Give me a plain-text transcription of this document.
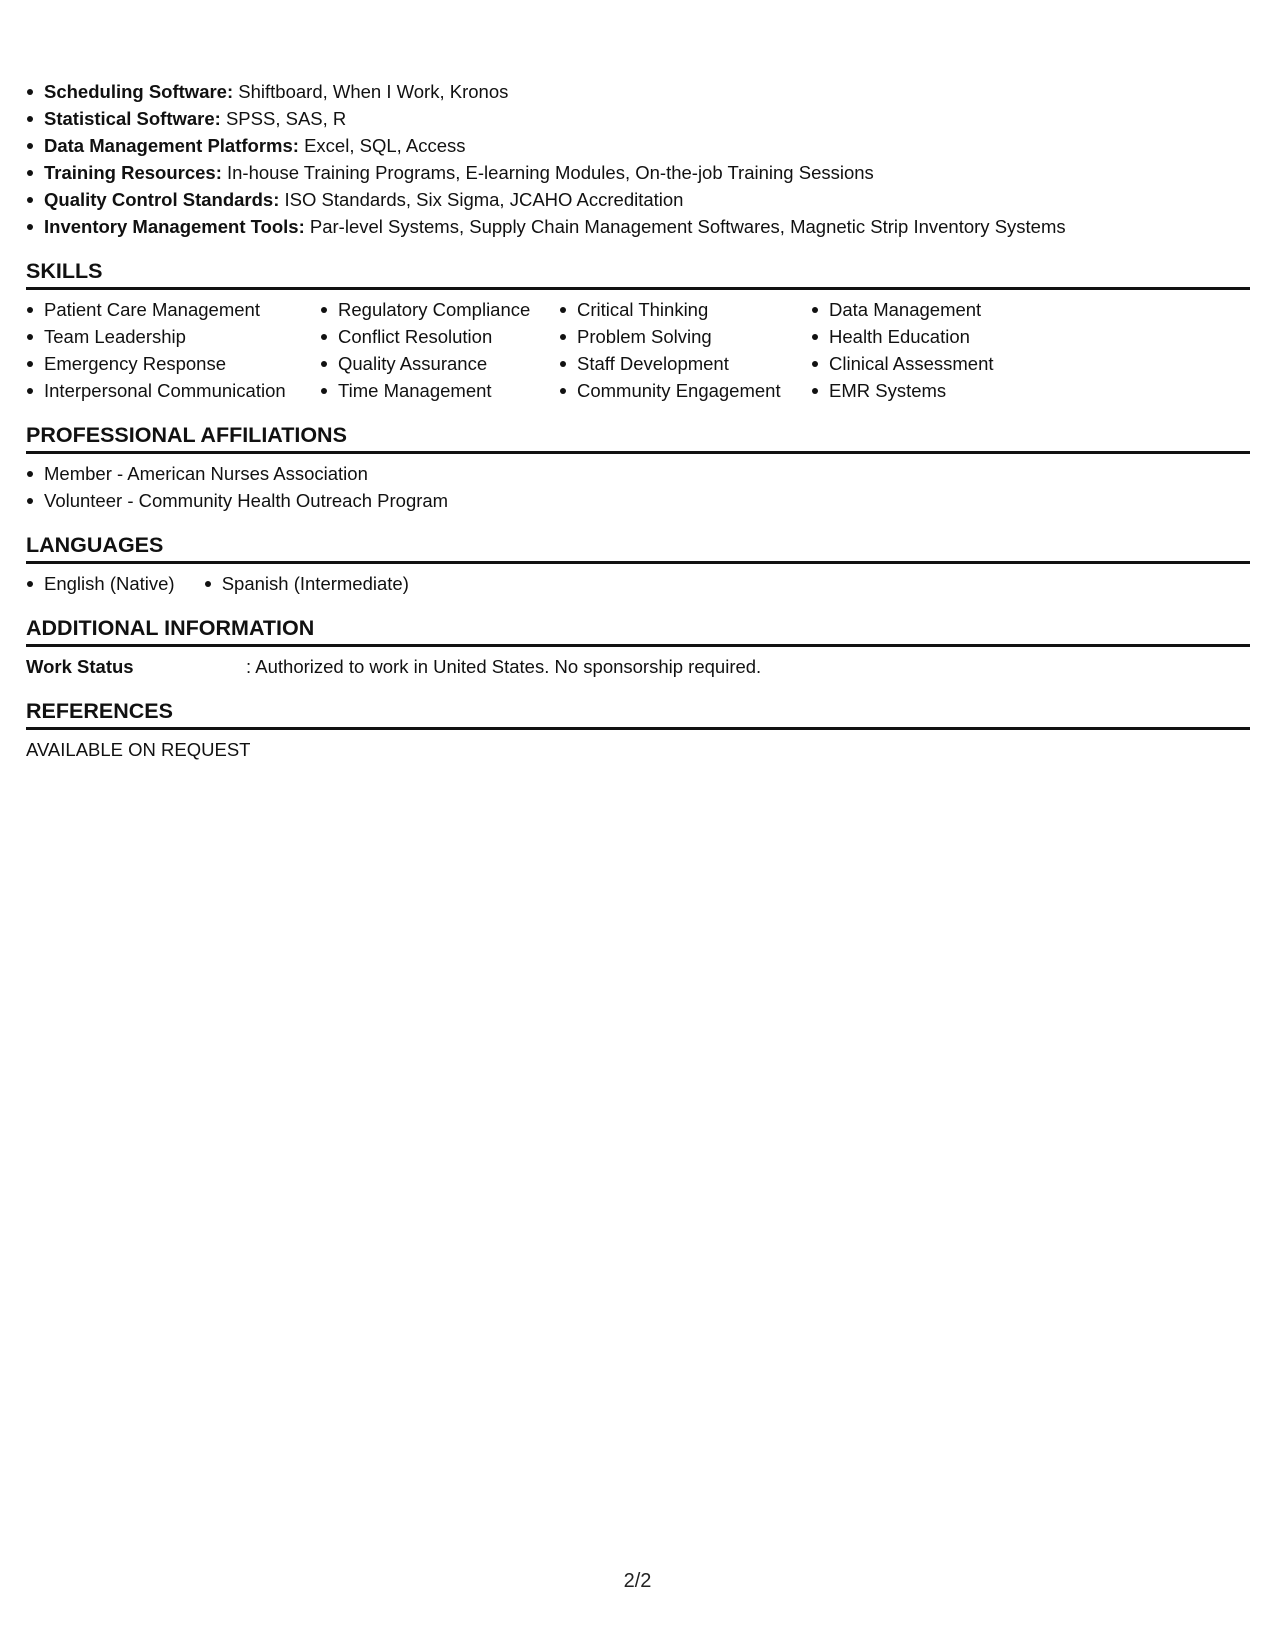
Scheduling Software: Shiftboard, When I Work, Kronos
Statistical Software: SPSS, SAS, R
Data Management Platforms: Excel, SQL, Access
Training Resources: In-house Training Programs, E-learning Modules, On-the-job Training Sessions
Quality Control Standards: ISO Standards, Six Sigma, JCAHO Accreditation
Inventory Management Tools: Par-level Systems, Supply Chain Management Softwares, Magnetic Strip Inventory Systems
SKILLS
Patient Care Management
Team Leadership
Emergency Response
Interpersonal Communication
Regulatory Compliance
Conflict Resolution
Quality Assurance
Time Management
Critical Thinking
Problem Solving
Staff Development
Community Engagement
Data Management
Health Education
Clinical Assessment
EMR Systems
PROFESSIONAL AFFILIATIONS
Member - American Nurses Association
Volunteer - Community Health Outreach Program
LANGUAGES
English (Native)	Spanish (Intermediate)
ADDITIONAL INFORMATION
Work Status	: Authorized to work in United States. No sponsorship required.
REFERENCES
AVAILABLE ON REQUEST
2/2
